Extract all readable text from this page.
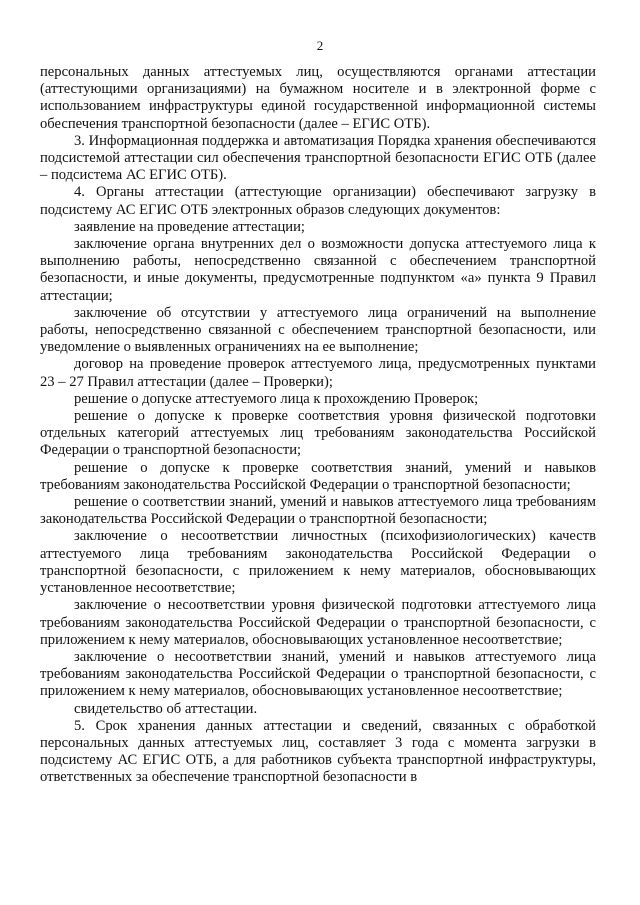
2

персональных данных аттестуемых лиц, осуществляются органами аттестации (аттестующими организациями) на бумажном носителе и в электронной форме с использованием инфраструктуры единой государственной информационной системы обеспечения транспортной безопасности (далее – ЕГИС ОТБ).

3. Информационная поддержка и автоматизация Порядка хранения обеспечиваются подсистемой аттестации сил обеспечения транспортной безопасности ЕГИС ОТБ (далее – подсистема АС ЕГИС ОТБ).

4. Органы аттестации (аттестующие организации) обеспечивают загрузку в подсистему АС ЕГИС ОТБ электронных образов следующих документов:

заявление на проведение аттестации;

заключение органа внутренних дел о возможности допуска аттестуемого лица к выполнению работы, непосредственно связанной с обеспечением транспортной безопасности, и иные документы, предусмотренные подпунктом «а» пункта 9 Правил аттестации;

заключение об отсутствии у аттестуемого лица ограничений на выполнение работы, непосредственно связанной с обеспечением транспортной безопасности, или уведомление о выявленных ограничениях на ее выполнение;

договор на проведение проверок аттестуемого лица, предусмотренных пунктами 23 – 27 Правил аттестации (далее – Проверки);

решение о допуске аттестуемого лица к прохождению Проверок;

решение о допуске к проверке соответствия уровня физической подготовки отдельных категорий аттестуемых лиц требованиям законодательства Российской Федерации о транспортной безопасности;

решение о допуске к проверке соответствия знаний, умений и навыков требованиям законодательства Российской Федерации о транспортной безопасности;

решение о соответствии знаний, умений и навыков аттестуемого лица требованиям законодательства Российской Федерации о транспортной безопасности;

заключение о несоответствии личностных (психофизиологических) качеств аттестуемого лица требованиям законодательства Российской Федерации о транспортной безопасности, с приложением к нему материалов, обосновывающих установленное несоответствие;

заключение о несоответствии уровня физической подготовки аттестуемого лица требованиям законодательства Российской Федерации о транспортной безопасности, с приложением к нему материалов, обосновывающих установленное несоответствие;

заключение о несоответствии знаний, умений и навыков аттестуемого лица требованиям законодательства Российской Федерации о транспортной безопасности, с приложением к нему материалов, обосновывающих установленное несоответствие;

свидетельство об аттестации.

5. Срок хранения данных аттестации и сведений, связанных с обработкой персональных данных аттестуемых лиц, составляет 3 года с момента загрузки в подсистему АС ЕГИС ОТБ, а для работников субъекта транспортной инфраструктуры, ответственных за обеспечение транспортной безопасности в
